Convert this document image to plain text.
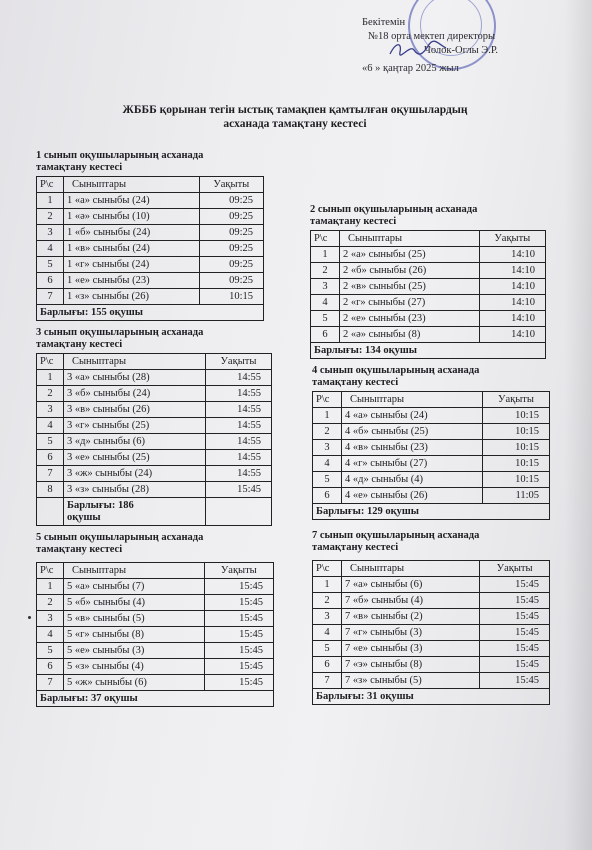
Бекітемін
№18 орта мектеп директоры
Чолок-Оглы Э.Р.
«6 » қаңтар 2025 жыл
ЖБББ қорынан тегін ыстық тамақпен қамтылған оқушылардың
асханада тамақтану кестесі
1 сынып оқушыларының асханада
тамақтану кестесі
Р\с	Сыныптары	Уақыты
1	1 «а» сыныбы (24)	09:25
2	1 «ә» сыныбы (10)	09:25
3	1 «б» сыныбы (24)	09:25
4	1 «в» сыныбы (24)	09:25
5	1 «г» сыныбы (24)	09:25
6	1 «е» сыныбы (23)	09:25
7	1 «з» сыныбы (26)	10:15
Барлығы: 155 оқушы		
2 сынып оқушыларының асханада
тамақтану кестесі
Р\с	Сыныптары	Уақыты
1	2 «а» сыныбы (25)	14:10
2	2 «б» сыныбы (26)	14:10
3	2 «в» сыныбы (25)	14:10
4	2 «г» сыныбы (27)	14:10
5	2 «е» сыныбы (23)	14:10
6	2 «ә» сыныбы (8)	14:10
Барлығы: 134 оқушы		
3 сынып оқушыларының асханада
тамақтану кестесі
Р\с	Сыныптары	Уақыты
1	3 «а» сыныбы (28)	14:55
2	3 «б» сыныбы (24)	14:55
3	3 «в» сыныбы (26)	14:55
4	3 «г» сыныбы (25)	14:55
5	3 «д» сыныбы (6)	14:55
6	3 «е» сыныбы (25)	14:55
7	3 «ж» сыныбы (24)	14:55
8	3 «з» сыныбы (28)	15:45

	Барлығы: 186
оқушы	

4 сынып оқушыларының асханада
тамақтану кестесі
Р\с	Сыныптары	Уақыты
1	4 «а» сыныбы (24)	10:15
2	4 «б» сыныбы (25)	10:15
3	4 «в» сыныбы (23)	10:15
4	4 «г» сыныбы (27)	10:15
5	4 «д» сыныбы (4)	10:15
6	4 «е» сыныбы (26)	11:05
Барлығы: 129 оқушы		
5 сынып оқушыларының асханада
тамақтану кестесі
Р\с	Сыныптары	Уақыты
1	5 «а» сыныбы (7)	15:45
2	5 «б» сыныбы (4)	15:45
3	5 «в» сыныбы (5)	15:45
4	5 «г» сыныбы (8)	15:45
5	5 «е» сыныбы (3)	15:45
6	5 «з» сыныбы (4)	15:45
7	5 «ж» сыныбы (6)	15:45
Барлығы: 37 оқушы		
7 сынып оқушыларының асханада
тамақтану кестесі
Р\с	Сыныптары	Уақыты
1	7 «а» сыныбы (6)	15:45
2	7 «б» сыныбы (4)	15:45
3	7 «в» сыныбы (2)	15:45
4	7 «г» сыныбы (3)	15:45
5	7 «е» сыныбы (3)	15:45
6	7 «э» сыныбы (8)	15:45
7	7 «з» сыныбы (5)	15:45
Барлығы: 31 оқушы		
